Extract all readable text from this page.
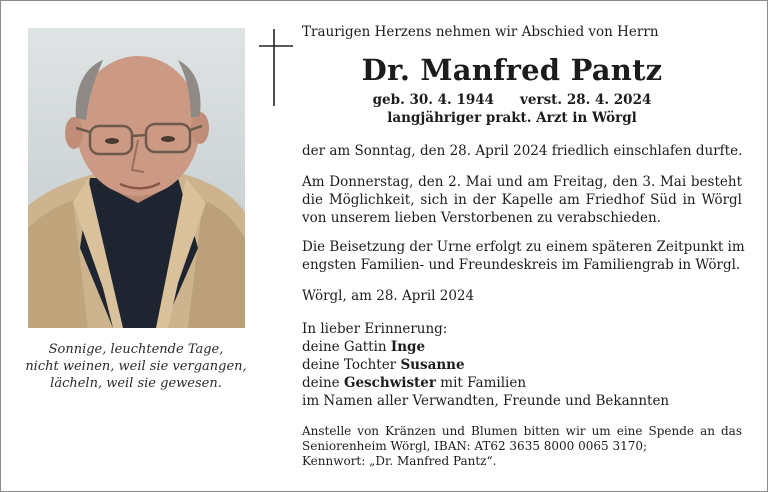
Sonnige, leuchtende Tage,
nicht weinen, weil sie vergangen,
lächeln, weil sie gewesen.
Traurigen Herzens nehmen wir Abschied von Herrn
Dr. Manfred Pantz
geb. 30. 4. 1944 verst. 28. 4. 2024
langjähriger prakt. Arzt in Wörgl
der am Sonntag, den 28. April 2024 friedlich einschlafen durfte.
Am Donnerstag, den 2. Mai und am Freitag, den 3. Mai besteht
die Möglichkeit, sich in der Kapelle am Friedhof Süd in Wörgl
von unserem lieben Verstorbenen zu verabschieden.
Die Beisetzung der Urne erfolgt zu einem späteren Zeitpunkt im
engsten Familien- und Freundeskreis im Familiengrab in Wörgl.
Wörgl, am 28. April 2024
In lieber Erinnerung:
deine Gattin Inge
deine Tochter Susanne
deine Geschwister mit Familien
im Namen aller Verwandten, Freunde und Bekannten
Anstelle von Kränzen und Blumen bitten wir um eine Spende an das
Seniorenheim Wörgl, IBAN: AT62 3635 8000 0065 3170;
Kennwort: „Dr. Manfred Pantz“.
